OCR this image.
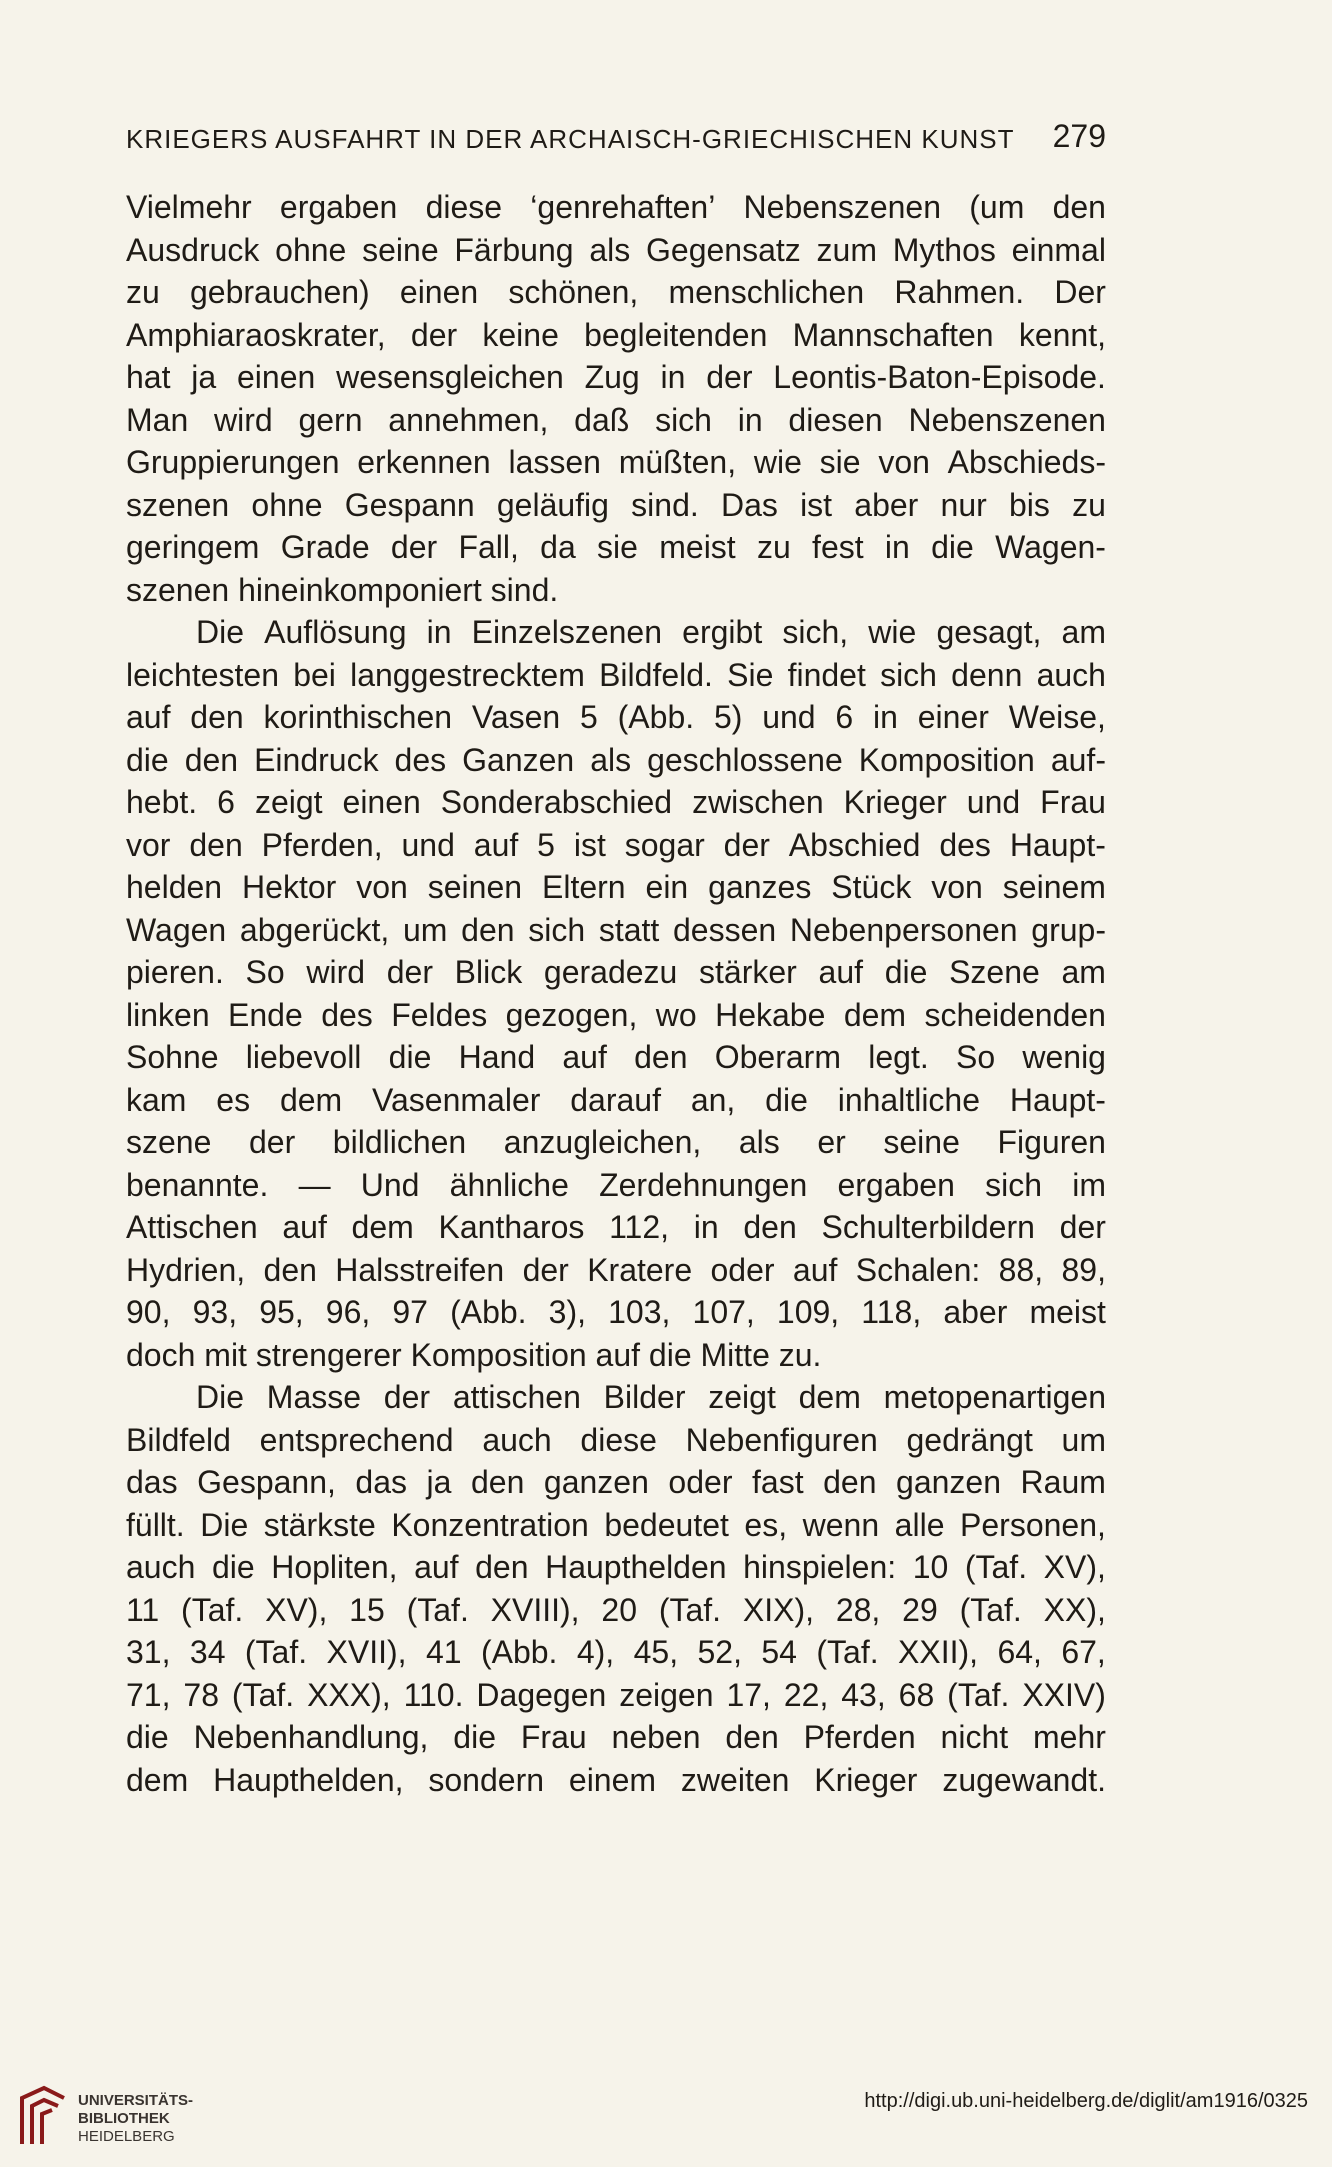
KRIEGERS AUSFAHRT IN DER ARCHAISCH-GRIECHISCHEN KUNST 279
Vielmehr ergaben diese ‘genrehaften’ Nebenszenen (um den
Ausdruck ohne seine Färbung als Gegensatz zum Mythos einmal
zu gebrauchen) einen schönen, menschlichen Rahmen. Der
Amphiaraoskrater, der keine begleitenden Mannschaften kennt,
hat ja einen wesensgleichen Zug in der Leontis-Baton-Episode.
Man wird gern annehmen, daß sich in diesen Nebenszenen
Gruppierungen erkennen lassen müßten, wie sie von Abschieds-
szenen ohne Gespann geläufig sind. Das ist aber nur bis zu
geringem Grade der Fall, da sie meist zu fest in die Wagen-
szenen hineinkomponiert sind.
Die Auflösung in Einzelszenen ergibt sich, wie gesagt, am
leichtesten bei langgestrecktem Bildfeld. Sie findet sich denn auch
auf den korinthischen Vasen 5 (Abb. 5) und 6 in einer Weise,
die den Eindruck des Ganzen als geschlossene Komposition auf-
hebt. 6 zeigt einen Sonderabschied zwischen Krieger und Frau
vor den Pferden, und auf 5 ist sogar der Abschied des Haupt-
helden Hektor von seinen Eltern ein ganzes Stück von seinem
Wagen abgerückt, um den sich statt dessen Nebenpersonen grup-
pieren. So wird der Blick geradezu stärker auf die Szene am
linken Ende des Feldes gezogen, wo Hekabe dem scheidenden
Sohne liebevoll die Hand auf den Oberarm legt. So wenig
kam es dem Vasenmaler darauf an, die inhaltliche Haupt-
szene der bildlichen anzugleichen, als er seine Figuren
benannte. — Und ähnliche Zerdehnungen ergaben sich im
Attischen auf dem Kantharos 112, in den Schulterbildern der
Hydrien, den Halsstreifen der Kratere oder auf Schalen: 88, 89,
90, 93, 95, 96, 97 (Abb. 3), 103, 107, 109, 118, aber meist
doch mit strengerer Komposition auf die Mitte zu.
Die Masse der attischen Bilder zeigt dem metopenartigen
Bildfeld entsprechend auch diese Nebenfiguren gedrängt um
das Gespann, das ja den ganzen oder fast den ganzen Raum
füllt. Die stärkste Konzentration bedeutet es, wenn alle Personen,
auch die Hopliten, auf den Haupthelden hinspielen: 10 (Taf. XV),
11 (Taf. XV), 15 (Taf. XVIII), 20 (Taf. XIX), 28, 29 (Taf. XX),
31, 34 (Taf. XVII), 41 (Abb. 4), 45, 52, 54 (Taf. XXII), 64, 67,
71, 78 (Taf. XXX), 110. Dagegen zeigen 17, 22, 43, 68 (Taf. XXIV)
die Nebenhandlung, die Frau neben den Pferden nicht mehr
dem Haupthelden, sondern einem zweiten Krieger zugewandt.
UNIVERSITÄTS-
BIBLIOTHEK
HEIDELBERG
http://digi.ub.uni-heidelberg.de/diglit/am1916/0325
